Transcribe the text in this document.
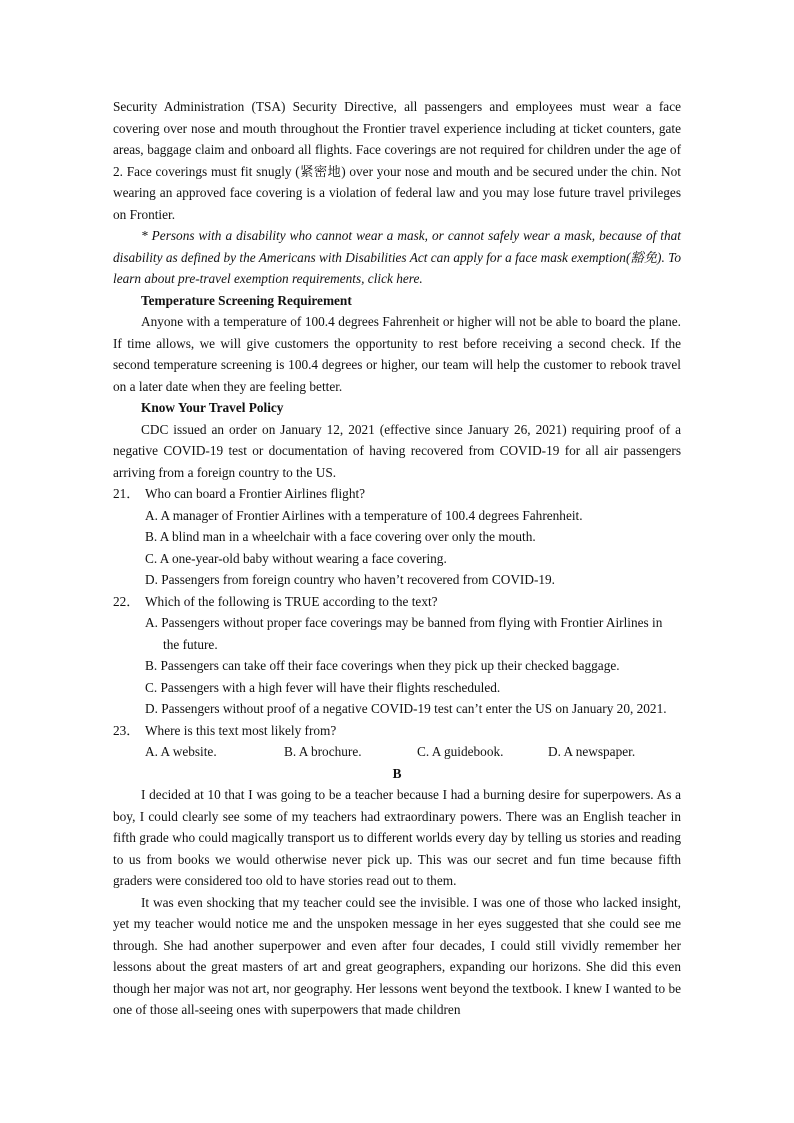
Security Administration (TSA) Security Directive, all passengers and employees must wear a face covering over nose and mouth throughout the Frontier travel experience including at ticket counters, gate areas, baggage claim and onboard all flights. Face coverings are not required for children under the age of 2. Face coverings must fit snugly (紧密地) over your nose and mouth and be secured under the chin. Not wearing an approved face covering is a violation of federal law and you may lose future travel privileges on Frontier.

* Persons with a disability who cannot wear a mask, or cannot safely wear a mask, because of that disability as defined by the Americans with Disabilities Act can apply for a face mask exemption(豁免). To learn about pre-travel exemption requirements, click here.

Temperature Screening Requirement

Anyone with a temperature of 100.4 degrees Fahrenheit or higher will not be able to board the plane. If time allows, we will give customers the opportunity to rest before receiving a second check. If the second temperature screening is 100.4 degrees or higher, our team will help the customer to rebook travel on a later date when they are feeling better.

Know Your Travel Policy

CDC issued an order on January 12, 2021 (effective since January 26, 2021) requiring proof of a negative COVID-19 test or documentation of having recovered from COVID-19 for all air passengers arriving from a foreign country to the US.

21． Who can board a Frontier Airlines flight?

A. A manager of Frontier Airlines with a temperature of 100.4 degrees Fahrenheit.

B. A blind man in a wheelchair with a face covering over only the mouth.

C. A one-year-old baby without wearing a face covering.

D. Passengers from foreign country who haven’t recovered from COVID-19.

22． Which of the following is TRUE according to the text?

A. Passengers without proper face coverings may be banned from flying with Frontier Airlines in the future.

B. Passengers can take off their face coverings when they pick up their checked baggage.

C. Passengers with a high fever will have their flights rescheduled.

D. Passengers without proof of a negative COVID-19 test can’t enter the US on January 20, 2021.

23． Where is this text most likely from?
A. A website.	B. A brochure.	C. A guidebook.	D. A newspaper.

B

I decided at 10 that I was going to be a teacher because I had a burning desire for superpowers. As a boy, I could clearly see some of my teachers had extraordinary powers. There was an English teacher in fifth grade who could magically transport us to different worlds every day by telling us stories and reading to us from books we would otherwise never pick up. This was our secret and fun time because fifth graders were considered too old to have stories read out to them.

It was even shocking that my teacher could see the invisible. I was one of those who lacked insight, yet my teacher would notice me and the unspoken message in her eyes suggested that she could see me through. She had another superpower and even after four decades, I could still vividly remember her lessons about the great masters of art and great geographers, expanding our horizons. She did this even though her major was not art, nor geography. Her lessons went beyond the textbook. I knew I wanted to be one of those all-seeing ones with superpowers that made children
